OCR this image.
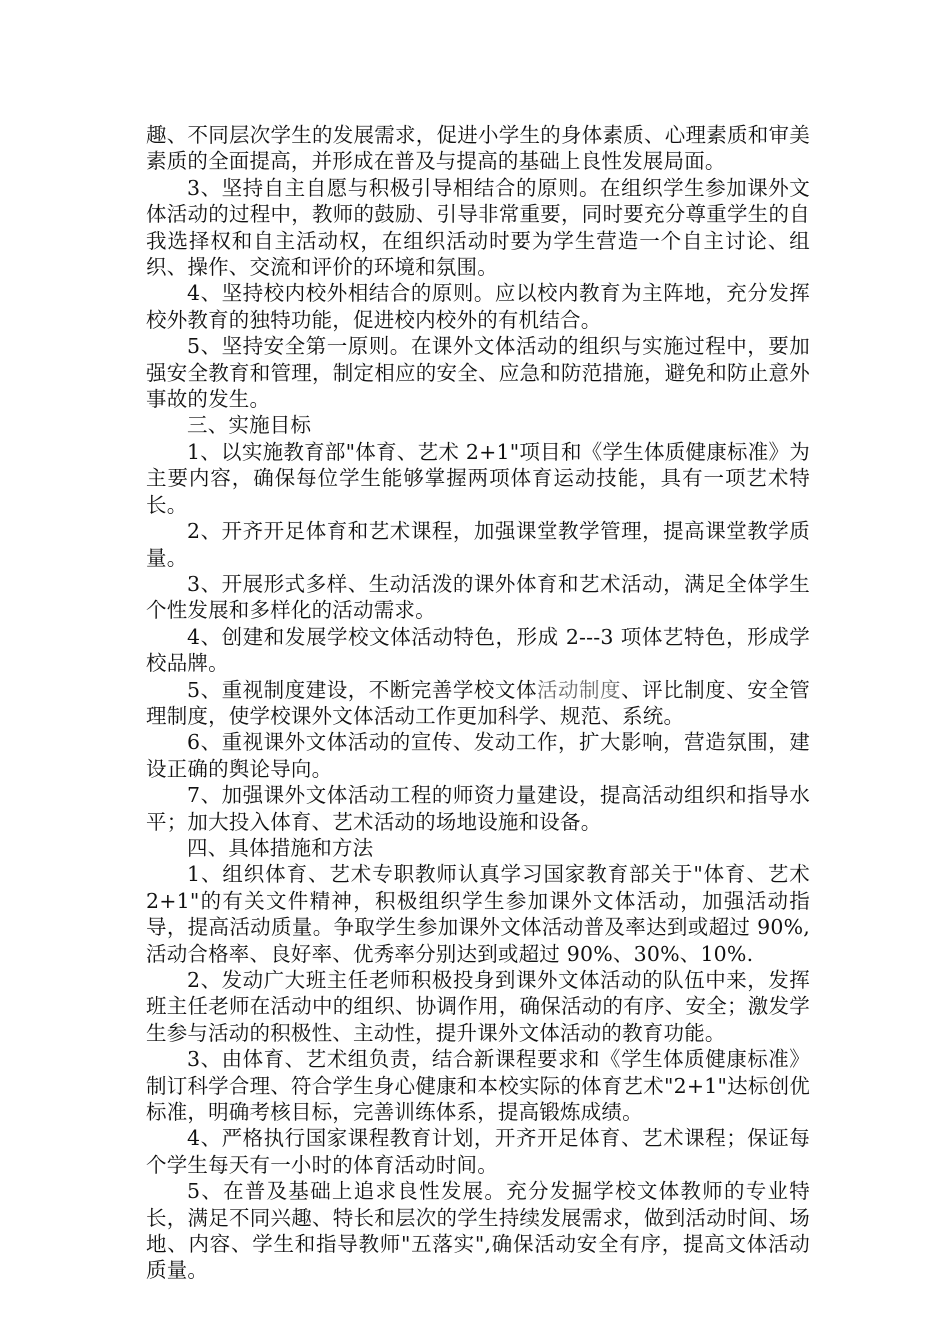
趣、不同层次学生的发展需求，促进小学生的身体素质、心理素质和审美素质的全面提高，并形成在普及与提高的基础上良性发展局面。

3、坚持自主自愿与积极引导相结合的原则。在组织学生参加课外文体活动的过程中，教师的鼓励、引导非常重要，同时要充分尊重学生的自我选择权和自主活动权，在组织活动时要为学生营造一个自主讨论、组织、操作、交流和评价的环境和氛围。

4、坚持校内校外相结合的原则。应以校内教育为主阵地，充分发挥校外教育的独特功能，促进校内校外的有机结合。

5、坚持安全第一原则。在课外文体活动的组织与实施过程中，要加强安全教育和管理，制定相应的安全、应急和防范措施，避免和防止意外事故的发生。

三、实施目标

1、以实施教育部"体育、艺术 2+1"项目和《学生体质健康标准》为主要内容，确保每位学生能够掌握两项体育运动技能，具有一项艺术特长。

2、开齐开足体育和艺术课程，加强课堂教学管理，提高课堂教学质量。

3、开展形式多样、生动活泼的课外体育和艺术活动，满足全体学生个性发展和多样化的活动需求。

4、创建和发展学校文体活动特色，形成 2---3 项体艺特色，形成学校品牌。

5、重视制度建设，不断完善学校文体活动制度、评比制度、安全管理制度，使学校课外文体活动工作更加科学、规范、系统。

6、重视课外文体活动的宣传、发动工作，扩大影响，营造氛围，建设正确的舆论导向。

7、加强课外文体活动工程的师资力量建设，提高活动组织和指导水平；加大投入体育、艺术活动的场地设施和设备。

四、具体措施和方法

1、组织体育、艺术专职教师认真学习国家教育部关于"体育、艺术 2+1"的有关文件精神，积极组织学生参加课外文体活动，加强活动指导，提高活动质量。争取学生参加课外文体活动普及率达到或超过 90%,活动合格率、良好率、优秀率分别达到或超过 90%、30%、10%.

2、发动广大班主任老师积极投身到课外文体活动的队伍中来，发挥班主任老师在活动中的组织、协调作用，确保活动的有序、安全；激发学生参与活动的积极性、主动性，提升课外文体活动的教育功能。

3、由体育、艺术组负责，结合新课程要求和《学生体质健康标准》制订科学合理、符合学生身心健康和本校实际的体育艺术"2+1"达标创优标准，明确考核目标，完善训练体系，提高锻炼成绩。

4、严格执行国家课程教育计划，开齐开足体育、艺术课程；保证每个学生每天有一小时的体育活动时间。

5、在普及基础上追求良性发展。充分发掘学校文体教师的专业特长，满足不同兴趣、特长和层次的学生持续发展需求，做到活动时间、场地、内容、学生和指导教师"五落实",确保活动安全有序，提高文体活动质量。
